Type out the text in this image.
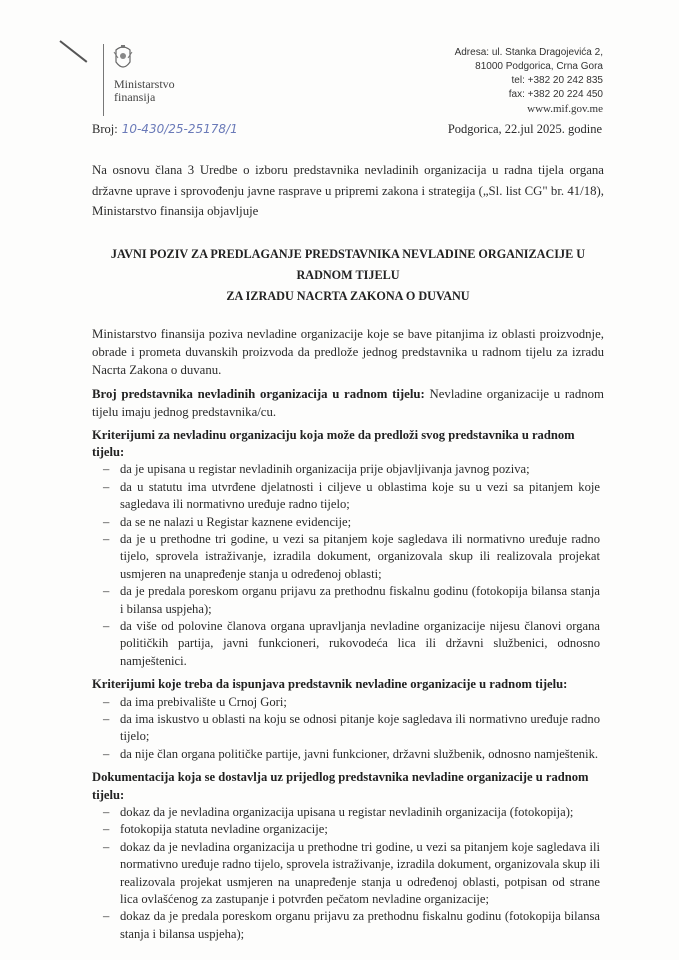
Ministarstvo
finansija
Adresa: ul. Stanka Dragojevića 2,
81000 Podgorica, Crna Gora
tel: +382 20 242 835
fax: +382 20 224 450
www.mif.gov.me
Broj: 10-430/25-25178/1	Podgorica, 22.jul 2025. godine
Na osnovu člana 3 Uredbe o izboru predstavnika nevladinih organizacija u radna tijela organa državne uprave i sprovođenju javne rasprave u pripremi zakona i strategija („Sl. list CG" br. 41/18), Ministarstvo finansija objavljuje
JAVNI POZIV ZA PREDLAGANJE PREDSTAVNIKA NEVLADINE ORGANIZACIJE U RADNOM TIJELU
ZA IZRADU NACRTA ZAKONA O DUVANU
Ministarstvo finansija poziva nevladine organizacije koje se bave pitanjima iz oblasti proizvodnje, obrade i prometa duvanskih proizvoda da predlože jednog predstavnika u radnom tijelu za izradu Nacrta Zakona o duvanu.
Broj predstavnika nevladinih organizacija u radnom tijelu: Nevladine organizacije u radnom tijelu imaju jednog predstavnika/cu.
Kriterijumi za nevladinu organizaciju koja može da predloži svog predstavnika u radnom tijelu:
– da je upisana u registar nevladinih organizacija prije objavljivanja javnog poziva;
– da u statutu ima utvrđene djelatnosti i ciljeve u oblastima koje su u vezi sa pitanjem koje sagledava ili normativno uređuje radno tijelo;
– da se ne nalazi u Registar kaznene evidencije;
– da je u prethodne tri godine, u vezi sa pitanjem koje sagledava ili normativno uređuje radno tijelo, sprovela istraživanje, izradila dokument, organizovala skup ili realizovala projekat usmjeren na unapređenje stanja u određenoj oblasti;
– da je predala poreskom organu prijavu za prethodnu fiskalnu godinu (fotokopija bilansa stanja i bilansa uspjeha);
– da više od polovine članova organa upravljanja nevladine organizacije nijesu članovi organa političkih partija, javni funkcioneri, rukovodeća lica ili državni službenici, odnosno namještenici.
Kriterijumi koje treba da ispunjava predstavnik nevladine organizacije u radnom tijelu:
– da ima prebivalište u Crnoj Gori;
– da ima iskustvo u oblasti na koju se odnosi pitanje koje sagledava ili normativno uređuje radno tijelo;
– da nije član organa političke partije, javni funkcioner, državni službenik, odnosno namještenik.
Dokumentacija koja se dostavlja uz prijedlog predstavnika nevladine organizacije u radnom tijelu:
– dokaz da je nevladina organizacija upisana u registar nevladinih organizacija (fotokopija);
– fotokopija statuta nevladine organizacije;
– dokaz da je nevladina organizacija u prethodne tri godine, u vezi sa pitanjem koje sagledava ili normativno uređuje radno tijelo, sprovela istraživanje, izradila dokument, organizovala skup ili realizovala projekat usmjeren na unapređenje stanja u određenoj oblasti, potpisan od strane lica ovlašćenog za zastupanje i potvrđen pečatom nevladine organizacije;
– dokaz da je predala poreskom organu prijavu za prethodnu fiskalnu godinu (fotokopija bilansa stanja i bilansa uspjeha);
